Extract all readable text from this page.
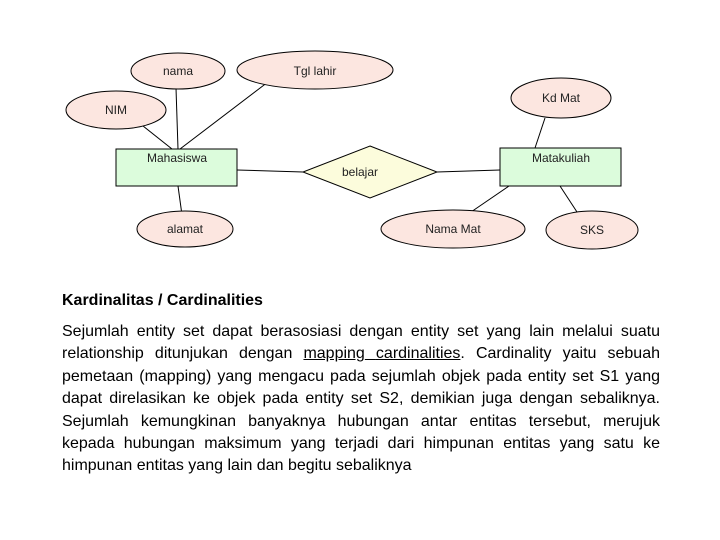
nama	Tgl lahir
NIM
Kd Mat
alamat	Nama Mat	SKS
Mahasiswa	Matakuliah
belajar
Kardinalitas / Cardinalities

Sejumlah entity set dapat berasosiasi dengan entity set yang lain melalui suatu relationship ditunjukan dengan mapping cardinalities. Cardinality yaitu sebuah pemetaan (mapping) yang mengacu pada sejumlah objek pada entity set S1 yang dapat direlasikan ke objek pada entity set S2, demikian juga dengan sebaliknya. Sejumlah kemungkinan banyaknya hubungan antar entitas tersebut, merujuk kepada hubungan maksimum yang terjadi dari himpunan entitas yang satu ke himpunan entitas yang lain dan begitu sebaliknya
